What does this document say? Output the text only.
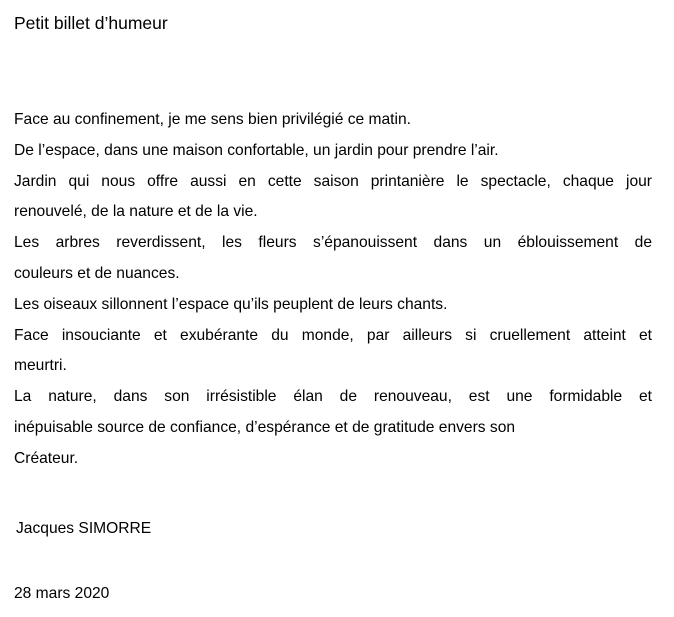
Petit billet d’humeur
Face au confinement, je me sens bien privilégié ce matin.
De l’espace, dans une maison confortable, un jardin pour prendre l’air.
Jardin qui nous offre aussi en cette saison printanière le spectacle, chaque jour
renouvelé, de la nature et de la vie.
Les arbres reverdissent, les fleurs s’épanouissent dans un éblouissement de
couleurs et de nuances.
Les oiseaux sillonnent l’espace qu’ils peuplent de leurs chants.
Face insouciante et exubérante du monde, par ailleurs si cruellement atteint et
meurtri.
La nature, dans son irrésistible élan de renouveau, est une formidable et
inépuisable source de confiance, d’espérance et de gratitude envers son
Créateur.
Jacques SIMORRE
28 mars 2020
